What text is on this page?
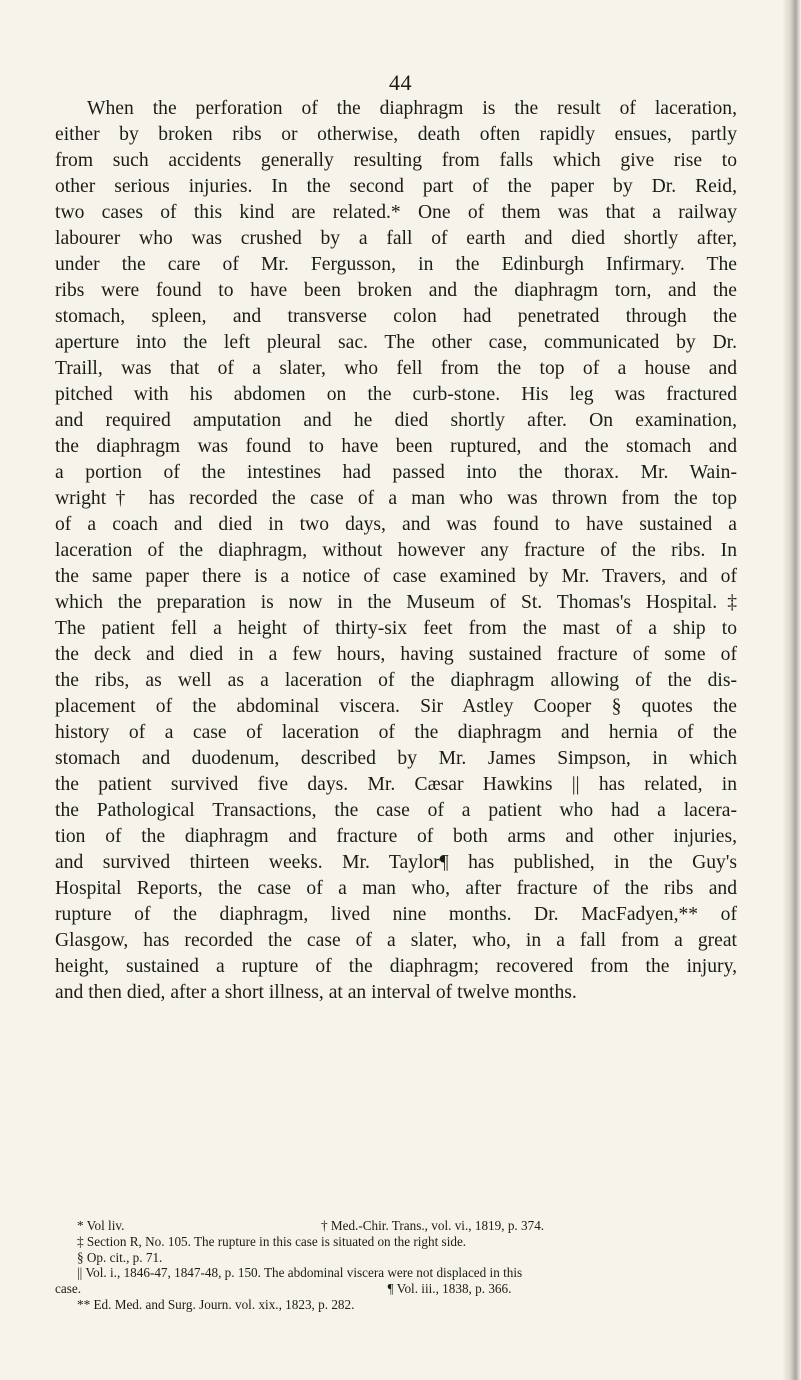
44
When the perforation of the diaphragm is the result of laceration,
either by broken ribs or otherwise, death often rapidly ensues, partly
from such accidents generally resulting from falls which give rise to
other serious injuries. In the second part of the paper by Dr. Reid,
two cases of this kind are related.* One of them was that a railway
labourer who was crushed by a fall of earth and died shortly after,
under the care of Mr. Fergusson, in the Edinburgh Infirmary. The
ribs were found to have been broken and the diaphragm torn, and the
stomach, spleen, and transverse colon had penetrated through the
aperture into the left pleural sac. The other case, communicated by Dr.
Traill, was that of a slater, who fell from the top of a house and
pitched with his abdomen on the curb-stone. His leg was fractured
and required amputation and he died shortly after. On examination,
the diaphragm was found to have been ruptured, and the stomach and
a portion of the intestines had passed into the thorax. Mr. Wain-
wright† has recorded the case of a man who was thrown from the top
of a coach and died in two days, and was found to have sustained a
laceration of the diaphragm, without however any fracture of the ribs. In
the same paper there is a notice of case examined by Mr. Travers, and of
which the preparation is now in the Museum of St. Thomas's Hospital.‡
The patient fell a height of thirty-six feet from the mast of a ship to
the deck and died in a few hours, having sustained fracture of some of
the ribs, as well as a laceration of the diaphragm allowing of the dis-
placement of the abdominal viscera. Sir Astley Cooper § quotes the
history of a case of laceration of the diaphragm and hernia of the
stomach and duodenum, described by Mr. James Simpson, in which
the patient survived five days. Mr. Cæsar Hawkins || has related, in
the Pathological Transactions, the case of a patient who had a lacera-
tion of the diaphragm and fracture of both arms and other injuries,
and survived thirteen weeks. Mr. Taylor¶ has published, in the Guy's
Hospital Reports, the case of a man who, after fracture of the ribs and
rupture of the diaphragm, lived nine months. Dr. MacFadyen,** of
Glasgow, has recorded the case of a slater, who, in a fall from a great
height, sustained a rupture of the diaphragm; recovered from the injury,
and then died, after a short illness, at an interval of twelve months.
* Vol liv.	† Med.-Chir. Trans., vol. vi., 1819, p. 374.
‡ Section R, No. 105. The rupture in this case is situated on the right side.
§ Op. cit., p. 71.
|| Vol. i., 1846-47, 1847-48, p. 150. The abdominal viscera were not displaced in this
case.	¶ Vol. iii., 1838, p. 366.
** Ed. Med. and Surg. Journ. vol. xix., 1823, p. 282.
